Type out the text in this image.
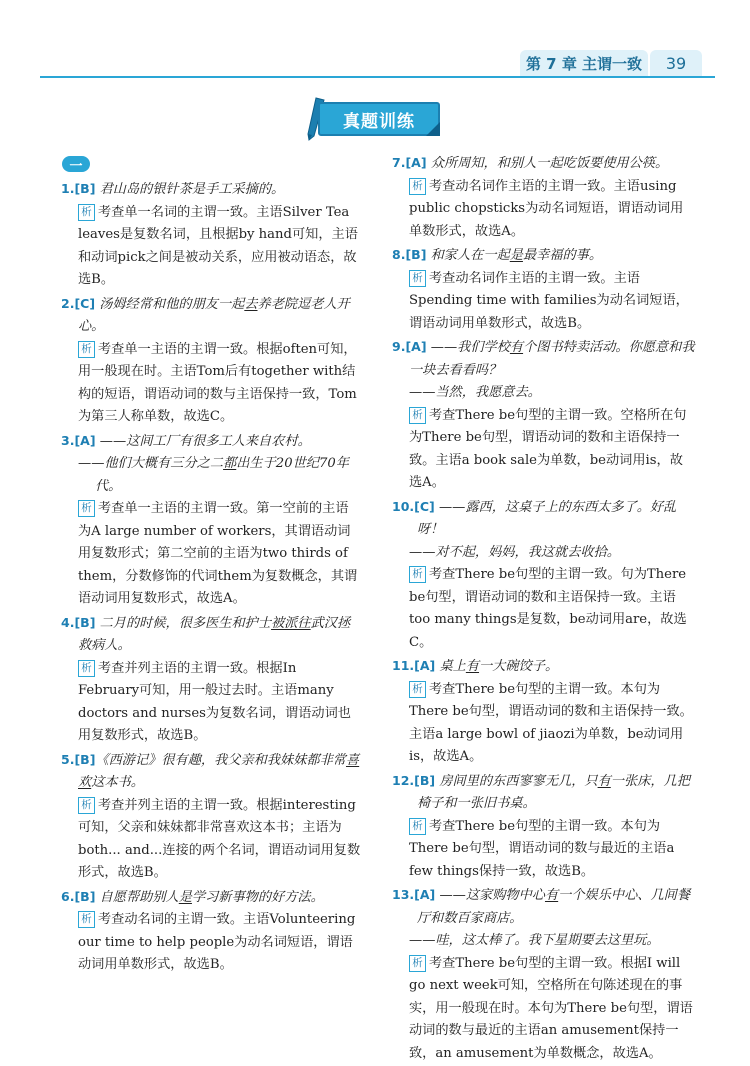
第 7 章 主谓一致	39
真题训练
一
1.[B] 君山岛的银针茶是手工采摘的。
析 考查单一名词的主谓一致。主语Silver Tea leaves是复数名词，且根据by hand可知，主语和动词pick之间是被动关系，应用被动语态，故选B。
2.[C] 汤姆经常和他的朋友一起去养老院逗老人开心。
析 考查单一主语的主谓一致。根据often可知，用一般现在时。主语Tom后有together with结构的短语，谓语动词的数与主语保持一致，Tom为第三人称单数，故选C。
3.[A] ——这间工厂有很多工人来自农村。
——他们大概有三分之二都出生于20世纪70年代。
析 考查单一主语的主谓一致。第一空前的主语为A large number of workers，其谓语动词用复数形式；第二空前的主语为two thirds of them，分数修饰的代词them为复数概念，其谓语动词用复数形式，故选A。
4.[B] 二月的时候，很多医生和护士被派往武汉拯救病人。
析 考查并列主语的主谓一致。根据In February可知，用一般过去时。主语many doctors and nurses为复数名词，谓语动词也用复数形式，故选B。
5.[B]《西游记》很有趣，我父亲和我妹妹都非常喜欢这本书。
析 考查并列主语的主谓一致。根据interesting可知，父亲和妹妹都非常喜欢这本书；主语为both... and...连接的两个名词，谓语动词用复数形式，故选B。
6.[B] 自愿帮助别人是学习新事物的好方法。
析 考查动名词的主谓一致。主语Volunteering our time to help people为动名词短语，谓语动词用单数形式，故选B。
7.[A] 众所周知，和别人一起吃饭要使用公筷。
析 考查动名词作主语的主谓一致。主语using public chopsticks为动名词短语，谓语动词用单数形式，故选A。
8.[B] 和家人在一起是最幸福的事。
析 考查动名词作主语的主谓一致。主语Spending time with families为动名词短语，谓语动词用单数形式，故选B。
9.[A] ——我们学校有个图书特卖活动。你愿意和我一块去看看吗？
——当然，我愿意去。
析 考查There be句型的主谓一致。空格所在句为There be句型，谓语动词的数和主语保持一致。主语a book sale为单数，be动词用is，故选A。
10.[C] ——露西，这桌子上的东西太多了。好乱呀！
——对不起，妈妈，我这就去收拾。
析 考查There be句型的主谓一致。句为There be句型，谓语动词的数和主语保持一致。主语too many things是复数，be动词用are，故选C。
11.[A] 桌上有一大碗饺子。
析 考查There be句型的主谓一致。本句为There be句型，谓语动词的数和主语保持一致。主语a large bowl of jiaozi为单数，be动词用is，故选A。
12.[B] 房间里的东西寥寥无几，只有一张床，几把椅子和一张旧书桌。
析 考查There be句型的主谓一致。本句为There be句型，谓语动词的数与最近的主语a few things保持一致，故选B。
13.[A] ——这家购物中心有一个娱乐中心、几间餐厅和数百家商店。
——哇，这太棒了。我下星期要去这里玩。
析 考查There be句型的主谓一致。根据I will go next week可知，空格所在句陈述现在的事实，用一般现在时。本句为There be句型，谓语动词的数与最近的主语an amusement保持一致，an amusement为单数概念，故选A。
